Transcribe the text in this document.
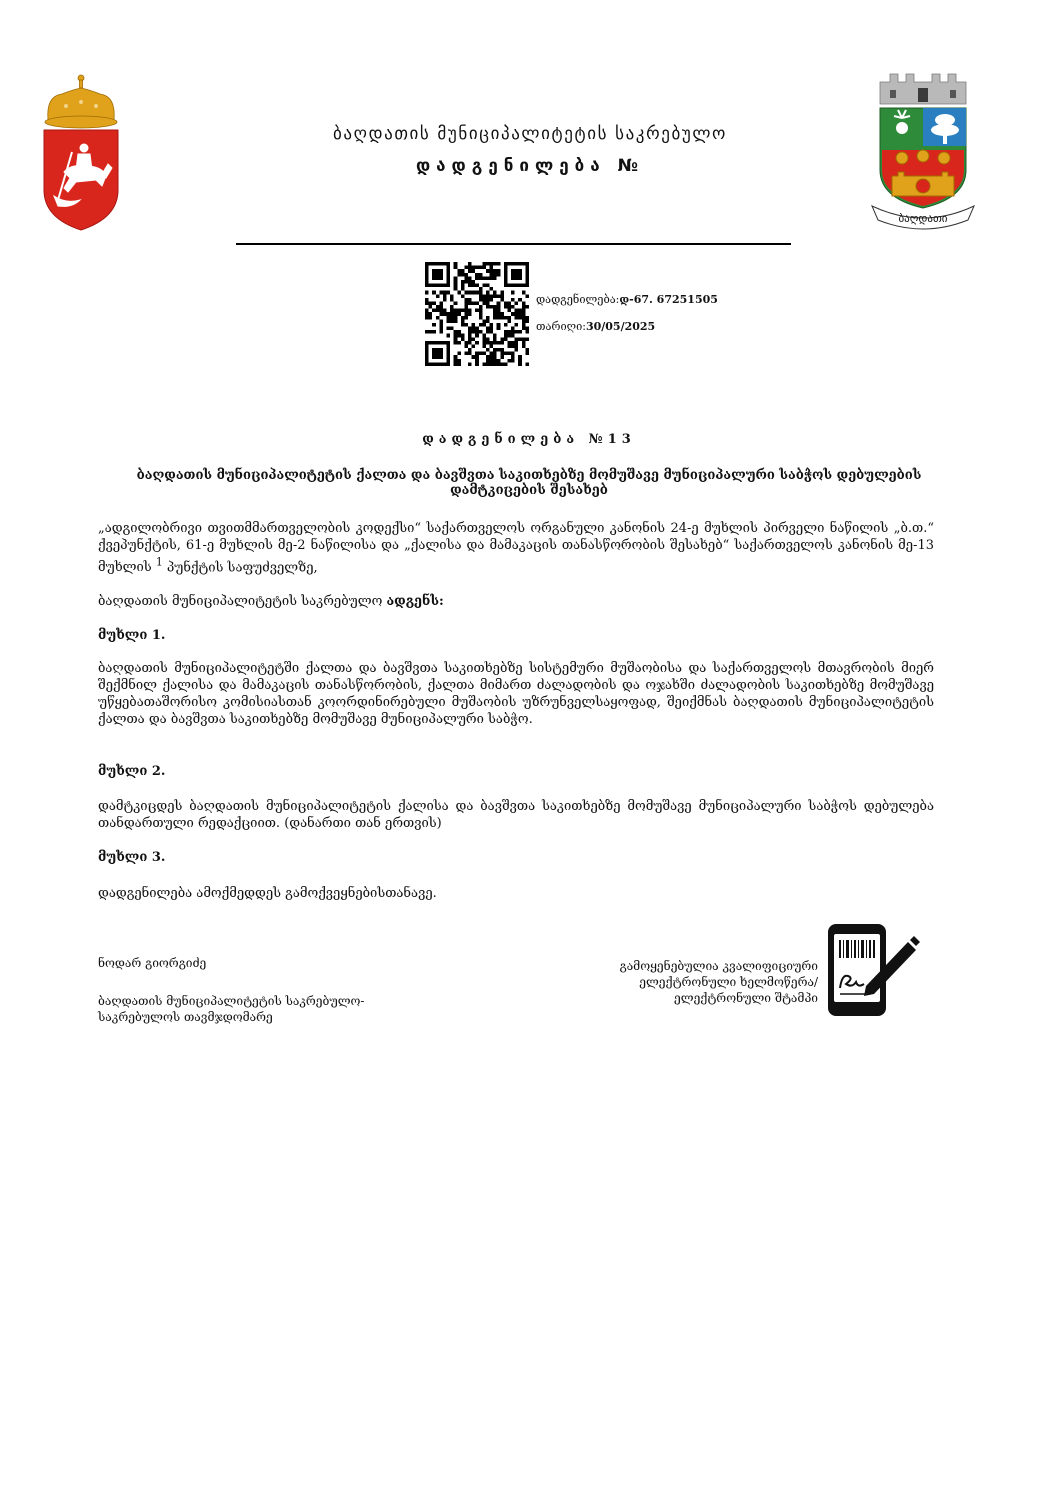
ბაღდათი
ბაღდათის მუნიციპალიტეტის საკრებულო
დადგენილება №
დადგენილება:დ-67. 67251505
თარიღი:30/05/2025
დადგენილება №13
ბაღდათის მუნიციპალიტეტის ქალთა და ბავშვთა საკითხებზე მომუშავე მუნიციპალური საბჭოს დებულების დამტკიცების შესახებ
„ადგილობრივი თვითმმართველობის კოდექსი“ საქართველოს ორგანული კანონის 24-ე მუხლის პირველი ნაწილის „ბ.თ.“ ქვეპუნქტის, 61-ე მუხლის მე-2 ნაწილისა და „ქალისა და მამაკაცის თანასწორობის შესახებ“ საქართველოს კანონის მე-13 მუხლის $^1$ პუნქტის საფუძველზე,
ბაღდათის მუნიციპალიტეტის საკრებულო ადგენს:
მუხლი 1.
ბაღდათის მუნიციპალიტეტში ქალთა და ბავშვთა საკითხებზე სისტემური მუშაობისა და საქართველოს მთავრობის მიერ შექმნილ ქალისა და მამაკაცის თანასწორობის, ქალთა მიმართ ძალადობის და ოჯახში ძალადობის საკითხებზე მომუშავე უწყებათაშორისო კომისიასთან კოორდინირებული მუშაობის უზრუნველსაყოფად, შეიქმნას ბაღდათის მუნიციპალიტეტის ქალთა და ბავშვთა საკითხებზე მომუშავე მუნიციპალური საბჭო.
მუხლი 2.
დამტკიცდეს ბაღდათის მუნიციპალიტეტის ქალისა და ბავშვთა საკითხებზე მომუშავე მუნიციპალური საბჭოს დებულება თანდართული რედაქციით. (დანართი თან ერთვის)
მუხლი 3.
დადგენილება ამოქმედდეს გამოქვეყნებისთანავე.
ნოდარ გიორგიძე
ბაღდათის მუნიციპალიტეტის საკრებულო-
საკრებულოს თავმჯდომარე
გამოყენებულია კვალიფიციური
ელექტრონული ხელმოწერა/
ელექტრონული შტამპი
